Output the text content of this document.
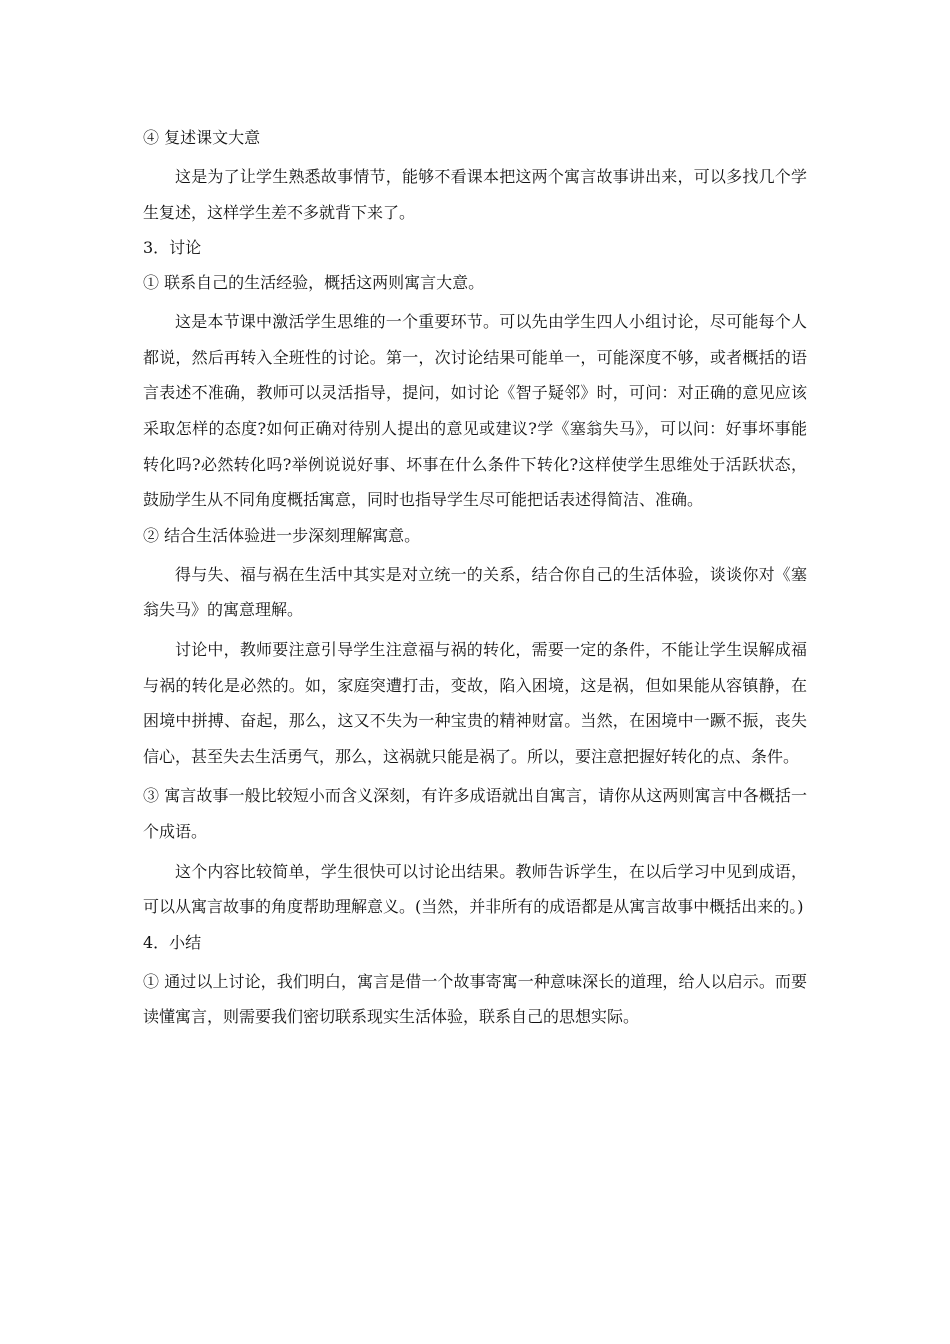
④ 复述课文大意

这是为了让学生熟悉故事情节，能够不看课本把这两个寓言故事讲出来，可以多找几个学生复述，这样学生差不多就背下来了。

3．讨论

① 联系自己的生活经验，概括这两则寓言大意。

这是本节课中激活学生思维的一个重要环节。可以先由学生四人小组讨论，尽可能每个人都说，然后再转入全班性的讨论。第一，次讨论结果可能单一，可能深度不够，或者概括的语言表述不准确，教师可以灵活指导，提问，如讨论《智子疑邻》时，可问：对正确的意见应该采取怎样的态度?如何正确对待别人提出的意见或建议?学《塞翁失马》，可以问：好事坏事能转化吗?必然转化吗?举例说说好事、坏事在什么条件下转化?这样使学生思维处于活跃状态，鼓励学生从不同角度概括寓意，同时也指导学生尽可能把话表述得简洁、准确。

② 结合生活体验进一步深刻理解寓意。

得与失、福与祸在生活中其实是对立统一的关系，结合你自己的生活体验，谈谈你对《塞翁失马》的寓意理解。

讨论中，教师要注意引导学生注意福与祸的转化，需要一定的条件，不能让学生误解成福与祸的转化是必然的。如，家庭突遭打击，变故，陷入困境，这是祸，但如果能从容镇静，在困境中拼搏、奋起，那么，这又不失为一种宝贵的精神财富。当然，在困境中一蹶不振，丧失信心，甚至失去生活勇气，那么，这祸就只能是祸了。所以，要注意把握好转化的点、条件。

③ 寓言故事一般比较短小而含义深刻，有许多成语就出自寓言，请你从这两则寓言中各概括一个成语。

这个内容比较简单，学生很快可以讨论出结果。教师告诉学生，在以后学习中见到成语，可以从寓言故事的角度帮助理解意义。(当然，并非所有的成语都是从寓言故事中概括出来的。)

4．小结

① 通过以上讨论，我们明白，寓言是借一个故事寄寓一种意味深长的道理，给人以启示。而要读懂寓言，则需要我们密切联系现实生活体验，联系自己的思想实际。
